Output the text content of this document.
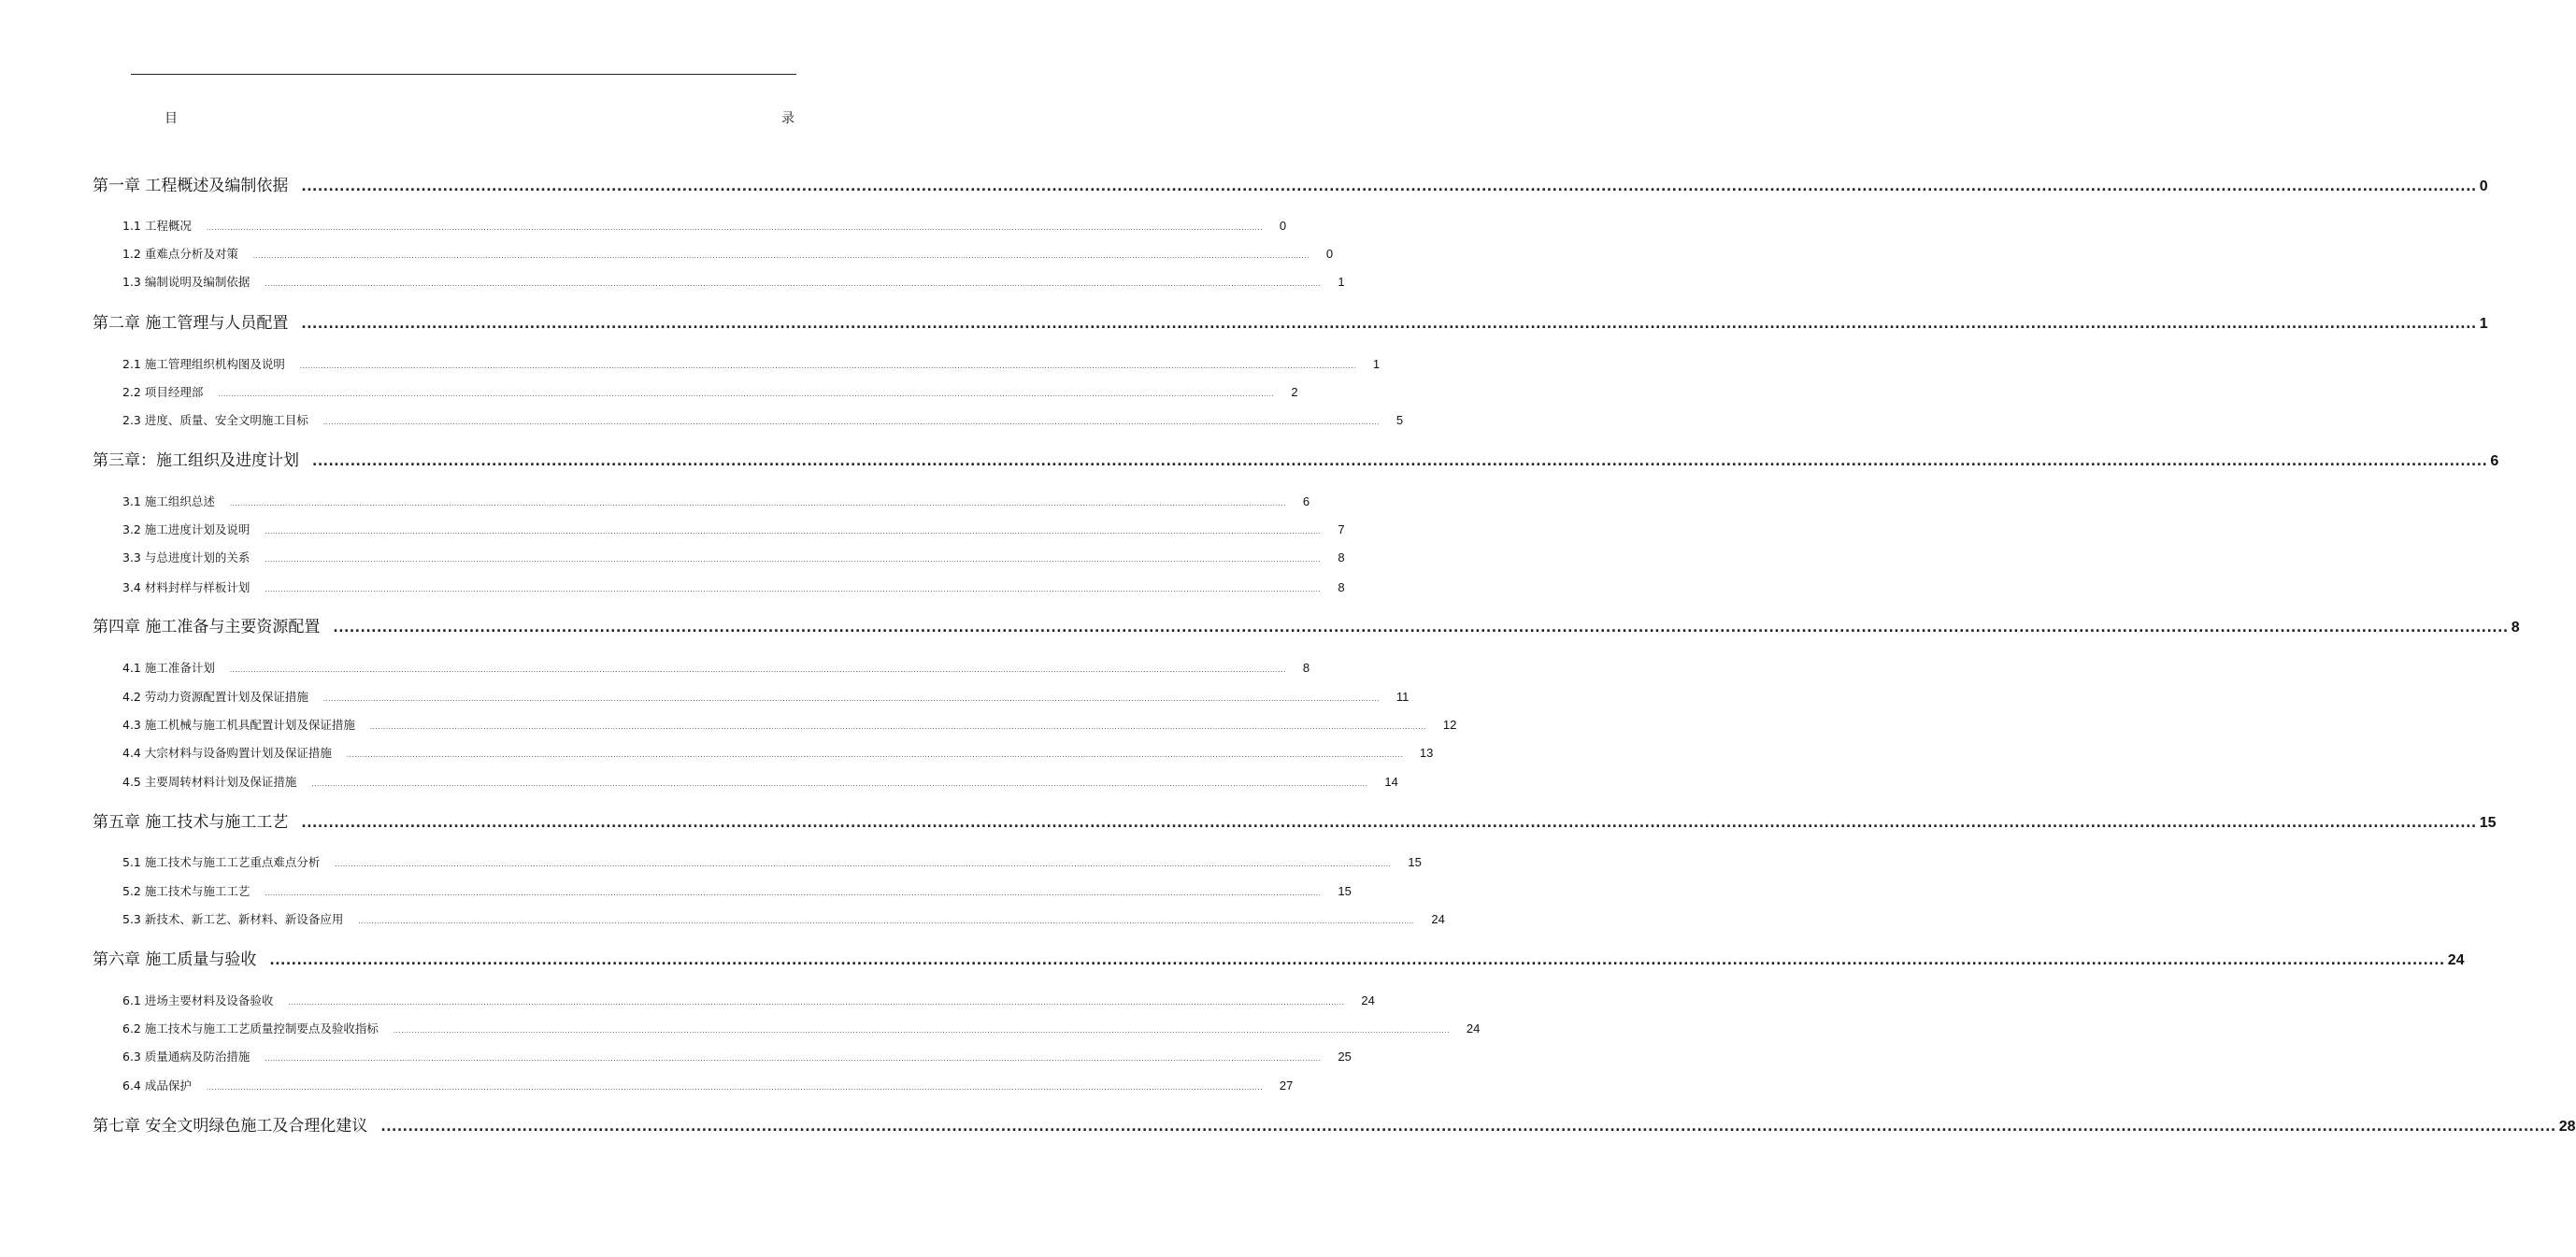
目	录
第一章 工程概述及编制依据 ................................................................................................................................................................................................................................................................................................................................................................................................................ 0
1.1 工程概况 ................................................................................................................................................................................................................................................................................................................................................................................................................ 0
1.2 重难点分析及对策 ................................................................................................................................................................................................................................................................................................................................................................................................................ 0
1.3 编制说明及编制依据 ................................................................................................................................................................................................................................................................................................................................................................................................................ 1
第二章 施工管理与人员配置 ................................................................................................................................................................................................................................................................................................................................................................................................................ 1
2.1 施工管理组织机构图及说明 ................................................................................................................................................................................................................................................................................................................................................................................................................ 1
2.2 项目经理部 ................................................................................................................................................................................................................................................................................................................................................................................................................ 2
2.3 进度、质量、安全文明施工目标 ................................................................................................................................................................................................................................................................................................................................................................................................................ 5
第三章：施工组织及进度计划 ................................................................................................................................................................................................................................................................................................................................................................................................................ 6
3.1 施工组织总述 ................................................................................................................................................................................................................................................................................................................................................................................................................ 6
3.2 施工进度计划及说明 ................................................................................................................................................................................................................................................................................................................................................................................................................ 7
3.3 与总进度计划的关系 ................................................................................................................................................................................................................................................................................................................................................................................................................ 8
3.4 材料封样与样板计划 ................................................................................................................................................................................................................................................................................................................................................................................................................ 8
第四章 施工准备与主要资源配置 ................................................................................................................................................................................................................................................................................................................................................................................................................ 8
4.1 施工准备计划 ................................................................................................................................................................................................................................................................................................................................................................................................................ 8
4.2 劳动力资源配置计划及保证措施 ................................................................................................................................................................................................................................................................................................................................................................................................................ 11
4.3 施工机械与施工机具配置计划及保证措施 ................................................................................................................................................................................................................................................................................................................................................................................................................ 12
4.4 大宗材料与设备购置计划及保证措施 ................................................................................................................................................................................................................................................................................................................................................................................................................ 13
4.5 主要周转材料计划及保证措施 ................................................................................................................................................................................................................................................................................................................................................................................................................ 14
第五章 施工技术与施工工艺 ................................................................................................................................................................................................................................................................................................................................................................................................................ 15
5.1 施工技术与施工工艺重点难点分析 ................................................................................................................................................................................................................................................................................................................................................................................................................ 15
5.2 施工技术与施工工艺 ................................................................................................................................................................................................................................................................................................................................................................................................................ 15
5.3 新技术、新工艺、新材料、新设备应用 ................................................................................................................................................................................................................................................................................................................................................................................................................ 24
第六章 施工质量与验收 ................................................................................................................................................................................................................................................................................................................................................................................................................ 24
6.1 进场主要材料及设备验收 ................................................................................................................................................................................................................................................................................................................................................................................................................ 24
6.2 施工技术与施工工艺质量控制要点及验收指标 ................................................................................................................................................................................................................................................................................................................................................................................................................ 24
6.3 质量通病及防治措施 ................................................................................................................................................................................................................................................................................................................................................................................................................ 25
6.4 成品保护 ................................................................................................................................................................................................................................................................................................................................................................................................................ 27
第七章 安全文明绿色施工及合理化建议 ................................................................................................................................................................................................................................................................................................................................................................................................................ 28
